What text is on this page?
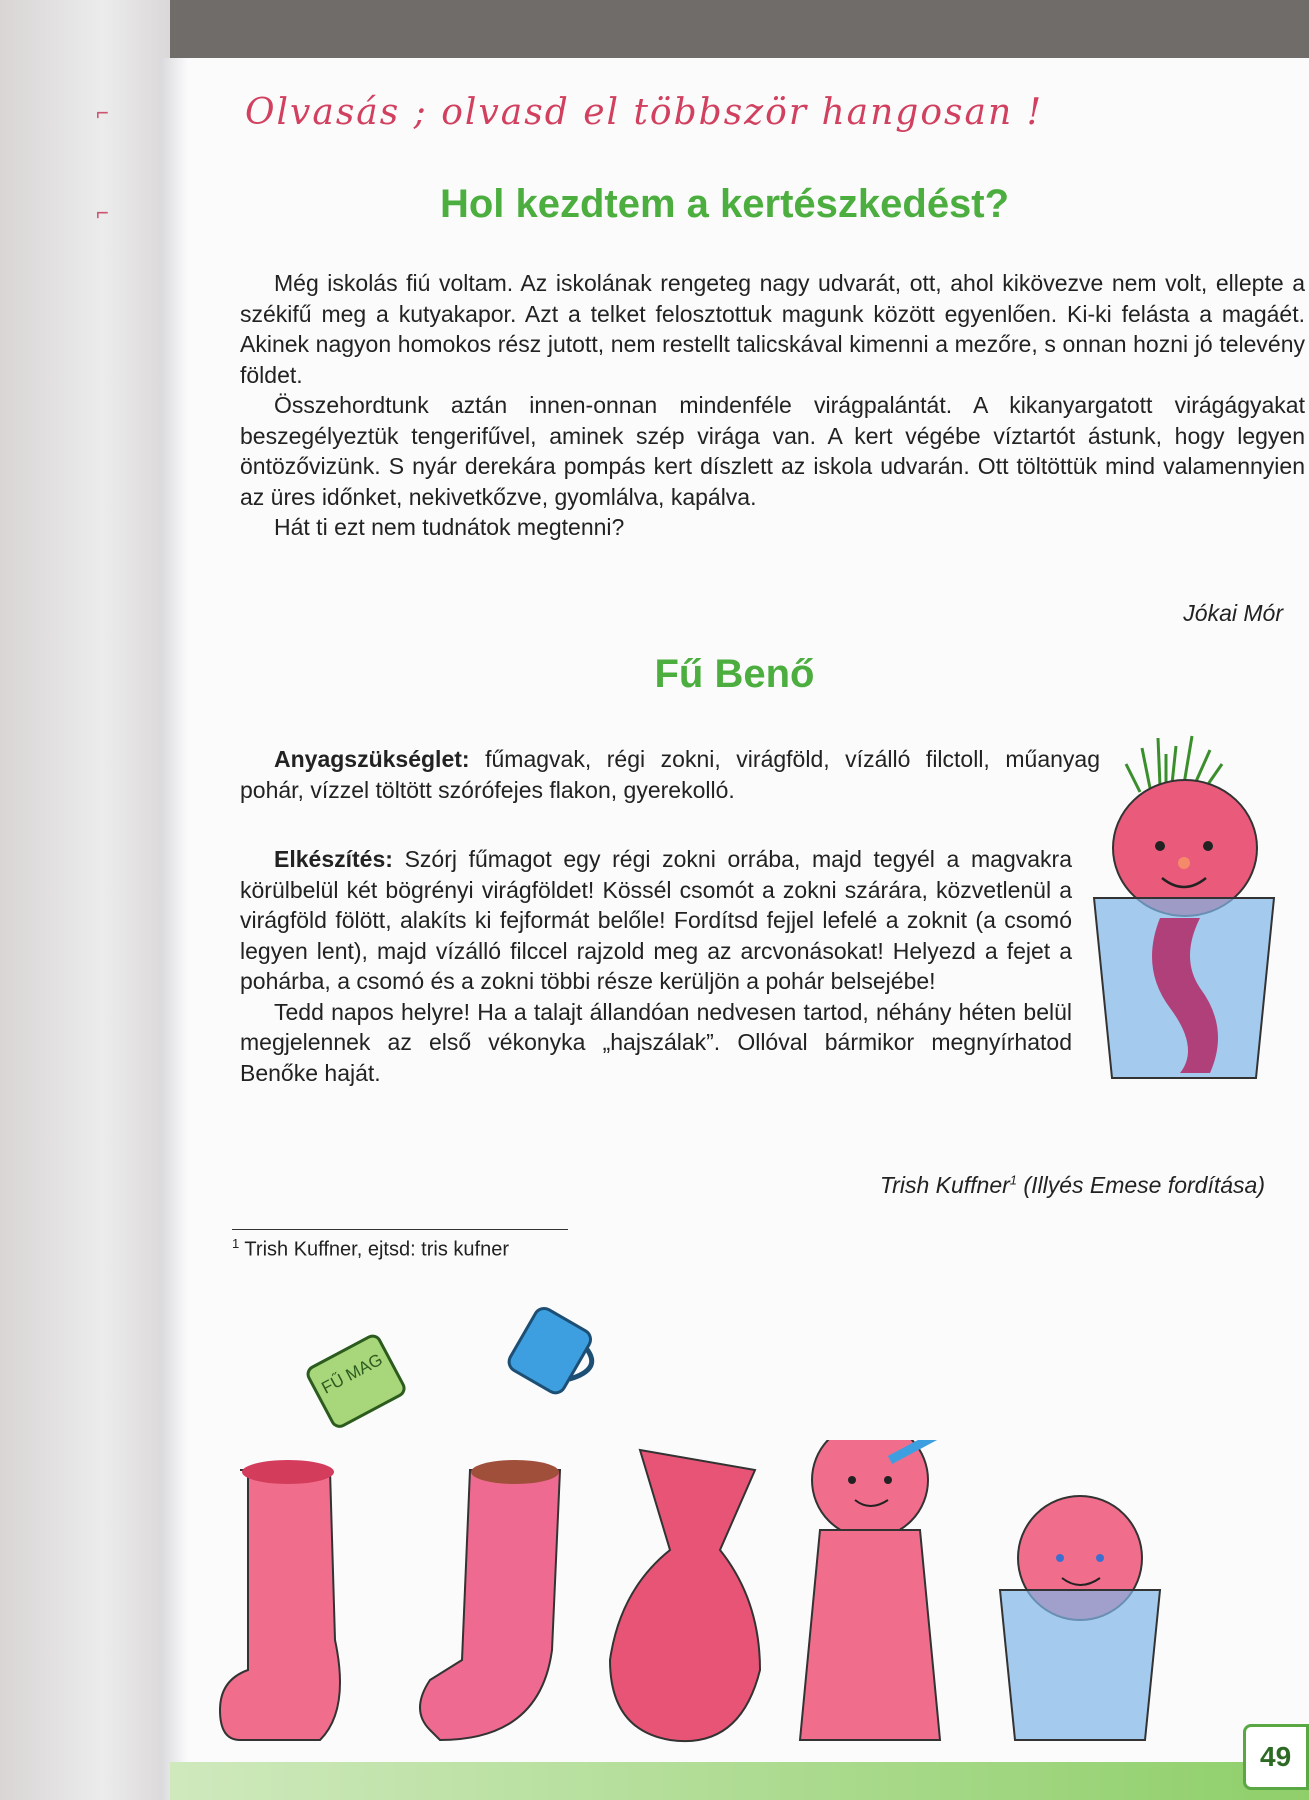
⌐
⌐
Olvasás ; olvasd el többször hangosan !
Hol kezdtem a kertészkedést?

Még iskolás fiú voltam. Az iskolának rengeteg nagy udvarát, ott, ahol kikövezve nem volt, ellepte a székifű meg a kutyakapor. Azt a telket felosztottuk magunk között egyenlően. Ki-ki felásta a magáét. Akinek nagyon homokos rész jutott, nem restellt talicskával kimenni a mezőre, s onnan hozni jó televény földet.

Összehordtunk aztán innen-onnan mindenféle virágpalántát. A kikanyargatott virágágyakat beszegélyeztük tengerifűvel, aminek szép virága van. A kert végébe víztartót ástunk, hogy legyen öntözővizünk. S nyár derekára pompás kert díszlett az iskola udvarán. Ott töltöttük mind valamennyien az üres időnket, nekivetkőzve, gyomlálva, kapálva.

Hát ti ezt nem tudnátok megtenni?

Jókai Mór
Fű Benő

Anyagszükséglet: fűmagvak, régi zokni, virágföld, vízálló filctoll, műanyag pohár, vízzel töltött szórófejes flakon, gyerekolló.

Elkészítés: Szórj fűmagot egy régi zokni orrába, majd tegyél a magvakra körülbelül két bögrényi virágföldet! Kössél csomót a zokni szárára, közvetlenül a virágföld fölött, alakíts ki fejformát belőle! Fordítsd fejjel lefelé a zoknit (a csomó legyen lent), majd vízálló filccel rajzold meg az arcvonásokat! Helyezd a fejet a pohárba, a csomó és a zokni többi része kerüljön a pohár belsejébe!

Tedd napos helyre! Ha a talajt állandóan nedvesen tartod, néhány héten belül megjelennek az első vékonyka „hajszálak”. Ollóval bármikor megnyírhatod Benőke haját.

Trish Kuffner$^1$ (Illyés Emese fordítása)
$^1$ Trish Kuffner, ejtsd: tris kufner
FŰ MAG
49
